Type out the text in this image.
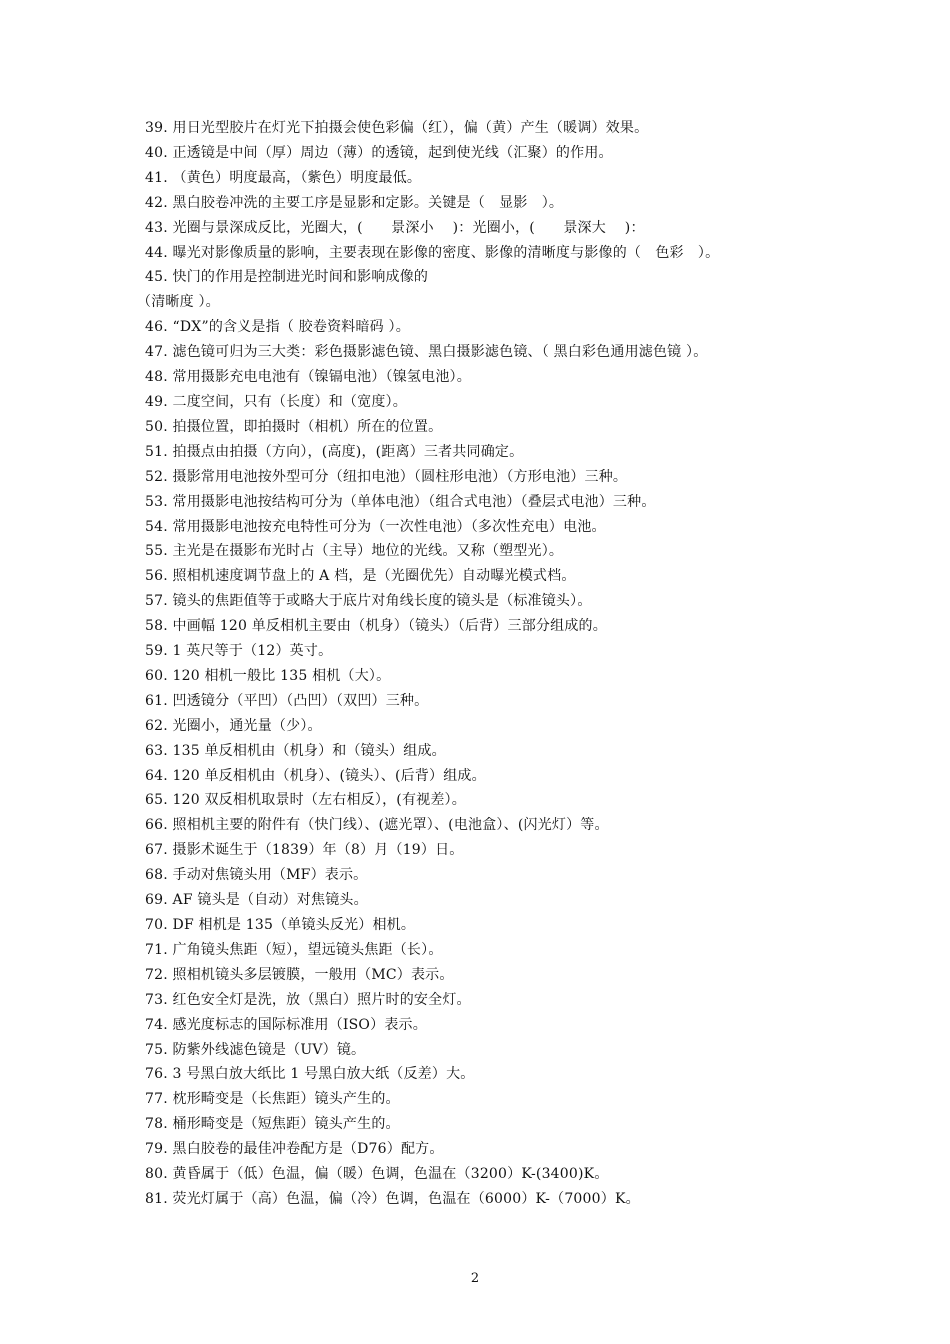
39. 用日光型胶片在灯光下拍摄会使色彩偏（红），偏（黄）产生（暖调）效果。
40. 正透镜是中间（厚）周边（薄）的透镜，起到使光线（汇聚）的作用。
41. （黄色）明度最高，（紫色）明度最低。
42. 黑白胶卷冲洗的主要工序是显影和定影。关键是（　显影　）。
43. 光圈与景深成反比，光圈大，(　　景深小　 )：光圈小，(　　景深大　 )：
44. 曝光对影像质量的影响，主要表现在影像的密度、影像的清晰度与影像的（　色彩　）。
45. 快门的作用是控制进光时间和影响成像的
（清晰度 ）。
46. “DX”的含义是指（ 胶卷资料暗码 ）。
47. 滤色镜可归为三大类：彩色摄影滤色镜、黑白摄影滤色镜、（ 黑白彩色通用滤色镜 ）。
48. 常用摄影充电电池有（镍镉电池）（镍氢电池）。
49. 二度空间，只有（长度）和（宽度）。
50. 拍摄位置，即拍摄时（相机）所在的位置。
51. 拍摄点由拍摄（方向），(高度)，(距离）三者共同确定。
52. 摄影常用电池按外型可分（纽扣电池）（圆柱形电池）（方形电池）三种。
53. 常用摄影电池按结构可分为（单体电池）（组合式电池）（叠层式电池）三种。
54. 常用摄影电池按充电特性可分为（一次性电池）（多次性充电）电池。
55. 主光是在摄影布光时占（主导）地位的光线。又称（塑型光）。
56. 照相机速度调节盘上的 A 档，是（光圈优先）自动曝光模式档。
57. 镜头的焦距值等于或略大于底片对角线长度的镜头是（标准镜头）。
58. 中画幅 120 单反相机主要由（机身）（镜头）（后背）三部分组成的。
59. 1 英尺等于（12）英寸。
60. 120 相机一般比 135 相机（大）。
61. 凹透镜分（平凹）（凸凹）（双凹）三种。
62. 光圈小，通光量（少）。
63. 135 单反相机由（机身）和（镜头）组成。
64. 120 单反相机由（机身）、(镜头）、(后背）组成。
65. 120 双反相机取景时（左右相反），(有视差）。
66. 照相机主要的附件有（快门线）、(遮光罩）、(电池盒）、(闪光灯）等。
67. 摄影术诞生于（1839）年（8）月（19）日。
68. 手动对焦镜头用（MF）表示。
69. AF 镜头是（自动）对焦镜头。
70. DF 相机是 135（单镜头反光）相机。
71. 广角镜头焦距（短），望远镜头焦距（长）。
72. 照相机镜头多层镀膜，一般用（MC）表示。
73. 红色安全灯是洗，放（黑白）照片时的安全灯。
74. 感光度标志的国际标准用（ISO）表示。
75. 防紫外线滤色镜是（UV）镜。
76. 3 号黑白放大纸比 1 号黑白放大纸（反差）大。
77. 枕形畸变是（长焦距）镜头产生的。
78. 桶形畸变是（短焦距）镜头产生的。
79. 黑白胶卷的最佳冲卷配方是（D76）配方。
80. 黄昏属于（低）色温，偏（暖）色调，色温在（3200）K-(3400)K。
81. 荧光灯属于（高）色温，偏（冷）色调，色温在（6000）K-（7000）K。
2
